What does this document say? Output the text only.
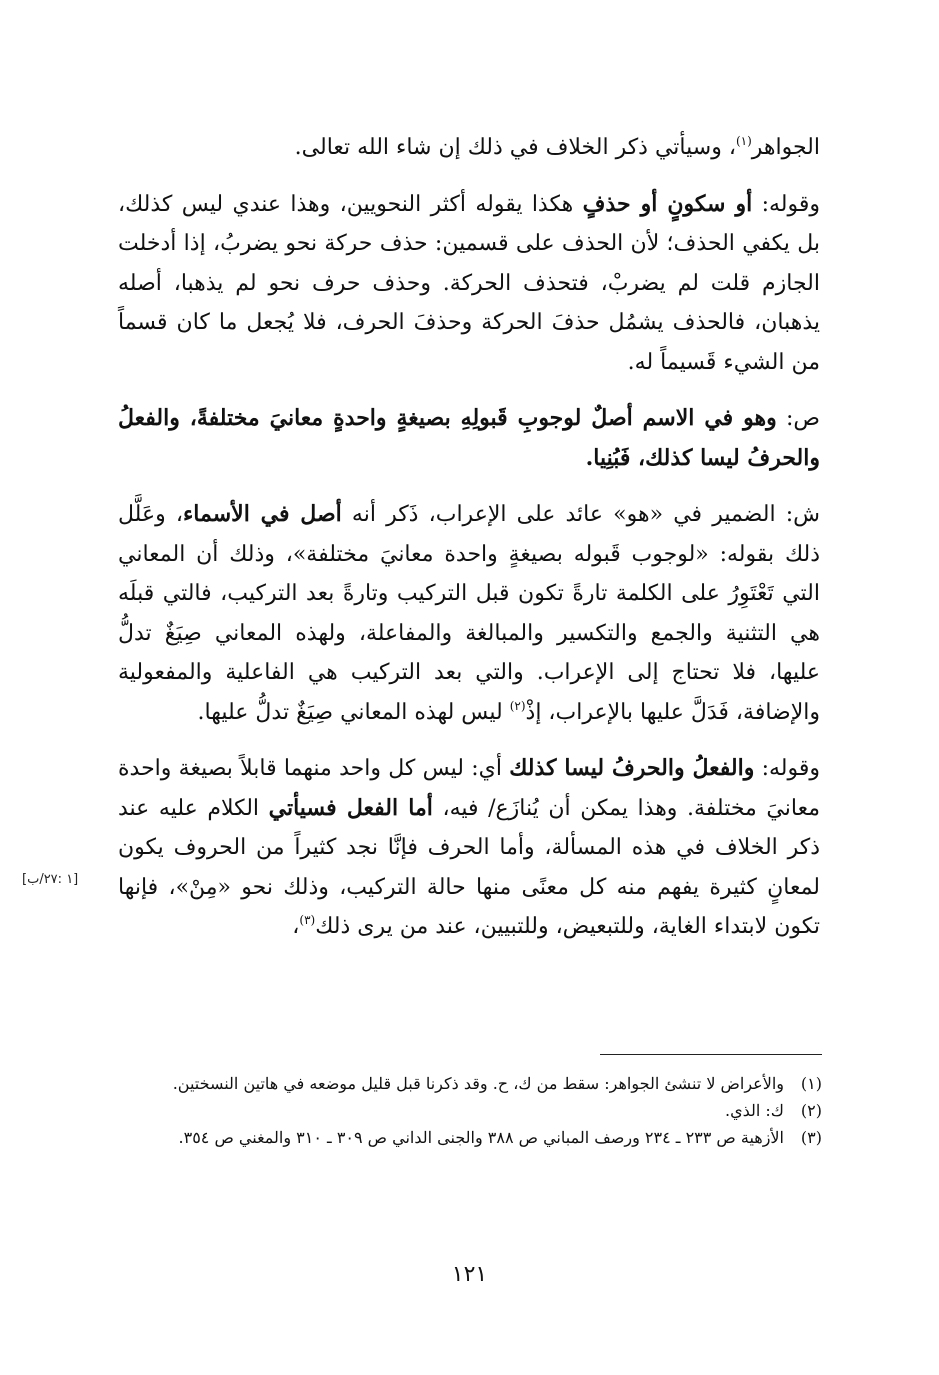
الجواهر$^{(١)}$، وسيأتي ذكر الخلاف في ذلك إن شاء الله تعالى.

وقوله: أو سكونٍ أو حذفٍ هكذا يقوله أكثر النحويين، وهذا عندي ليس كذلك، بل يكفي الحذف؛ لأن الحذف على قسمين: حذف حركة نحو يضربُ، إذا أدخلت الجازم قلت لم يضربْ، فتحذف الحركة. وحذف حرف نحو لم يذهبا، أصله يذهبان، فالحذف يشمُل حذفَ الحركة وحذفَ الحرف، فلا يُجعل ما كان قسماً من الشيء قَسيماً له.

ص: وهو في الاسم أصلٌ لوجوبِ قَبولِهِ بصيغةٍ واحدةٍ معانيَ مختلفةً، والفعلُ والحرفُ ليسا كذلك، فَبُنِيا.

ش: الضمير في «هو» عائد على الإعراب، ذَكر أنه أصل في الأسماء، وعَلَّل ذلك بقوله: «لوجوب قَبوله بصيغةٍ واحدة معانيَ مختلفة»، وذلك أن المعاني التي تَعْتَوِرُ على الكلمة تارةً تكون قبل التركيب وتارةً بعد التركيب، فالتي قبلَه هي التثنية والجمع والتكسير والمبالغة والمفاعلة، ولهذه المعاني صِيَغٌ تدلُّ عليها، فلا تحتاج إلى الإعراب. والتي بعد التركيب هي الفاعلية والمفعولية والإضافة، فَدَلَّ عليها بالإعراب، إذْ$^{(٢)}$ ليس لهذه المعاني صِيَغٌ تدلُّ عليها.

وقوله: والفعلُ والحرفُ ليسا كذلك أي: ليس كل واحد منهما قابلاً بصيغة واحدة معانيَ مختلفة. وهذا يمكن أن يُنازَع/ فيه، أما الفعل فسيأتي الكلام عليه عند ذكر الخلاف في هذه المسألة، وأما الحرف فإنَّا نجد كثيراً من الحروف يكون لمعانٍ كثيرة يفهم منه كل معنًى منها حالة التركيب، وذلك نحو «مِنْ»، فإنها تكون لابتداء الغاية، وللتبعيض، وللتبيين، عند من يرى ذلك$^{(٣)}$،

[١ :٢٧/ب]
(١)
والأعراض لا تنشئ الجواهر: سقط من ك، ح. وقد ذكرنا قبل قليل موضعه في هاتين النسختين.
(٢)
ك: الذي.
(٣)
الأزهية ص ٢٣٣ ـ ٢٣٤ ورصف المباني ص ٣٨٨ والجنى الداني ص ٣٠٩ ـ ٣١٠ والمغني ص ٣٥٤.
١٢١
